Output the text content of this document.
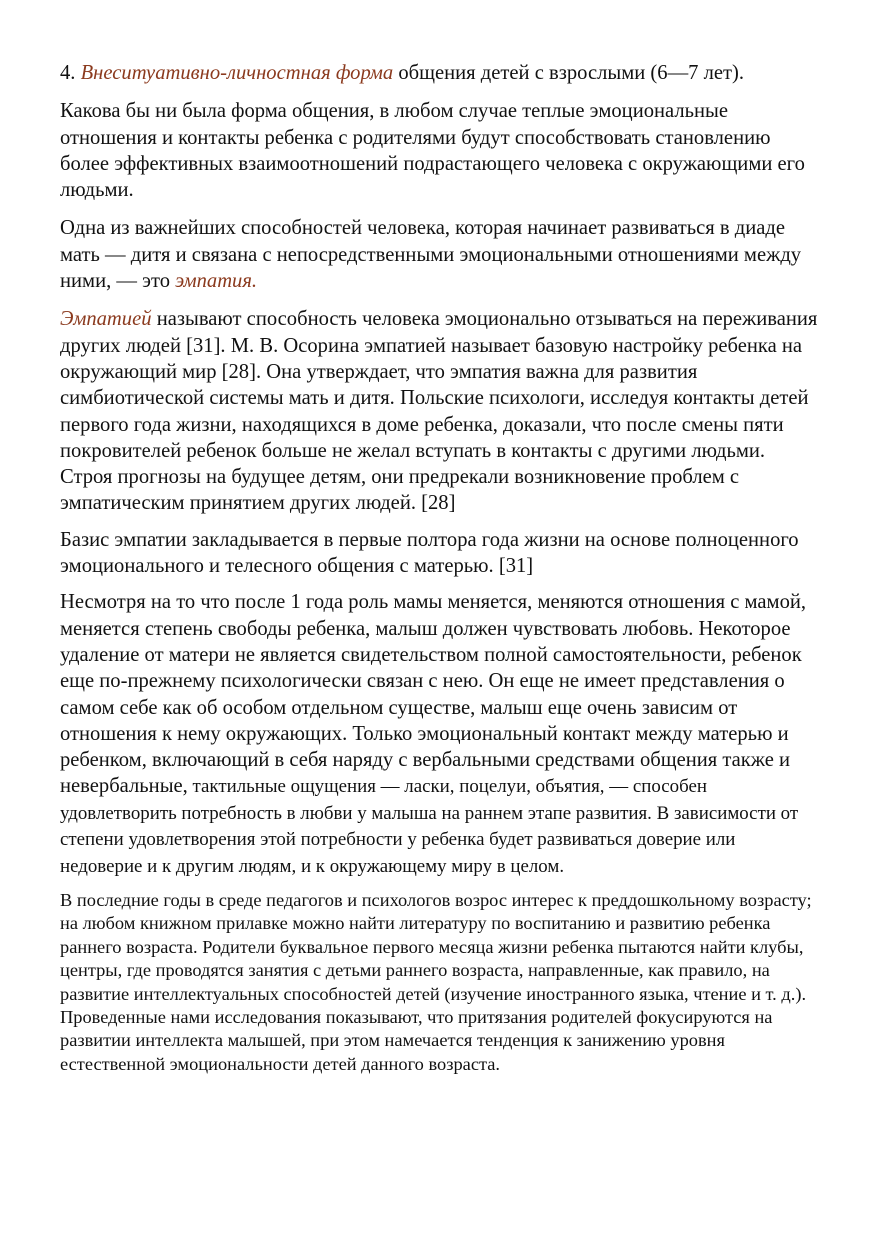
4. Внеситуативно-личностная форма общения детей с взрослыми (6—7 лет).

Какова бы ни была форма общения, в любом случае теплые эмоциональные отношения и контакты ребенка с родителями будут способствовать становлению более эффективных взаимоотношений подрастающего человека с окружающими его людьми.

Одна из важнейших способностей человека, которая начинает развиваться в диаде мать — дитя и связана с непосредственными эмоциональными отношениями между ними, — это эмпатия.

Эмпатией называют способность человека эмоционально отзываться на переживания других людей [31]. М. В. Осорина эмпатией называет базовую настройку ребенка на окружающий мир [28]. Она утверждает, что эмпатия важна для развития симбиотической системы мать и дитя. Польские психологи, исследуя контакты детей первого года жизни, находящихся в доме ребенка, доказали, что после смены пяти покровителей ребенок больше не желал вступать в контакты с другими людьми. Строя прогнозы на будущее детям, они предрекали возникновение проблем с эмпатическим принятием других людей. [28]

Базис эмпатии закладывается в первые полтора года жизни на основе полноценного эмоционального и телесного общения с матерью. [31]

Несмотря на то что после 1 года роль мамы меняется, меняются отношения с мамой, меняется степень свободы ребенка, малыш должен чувствовать любовь. Некоторое удаление от матери не является свидетельством полной самостоятельности, ребенок еще по-прежнему психологически связан с нею. Он еще не имеет представления о самом себе как об особом отдельном существе, малыш еще очень зависим от отношения к нему окружающих. Только эмоциональный контакт между матерью и ребенком, включающий в себя наряду с вербальными средствами общения также и невербальные, тактильные ощущения — ласки, поцелуи, объятия, — способен удовлетворить потребность в любви у малыша на раннем этапе развития. В зависимости от степени удовлетворения этой потребности у ребенка будет развиваться доверие или недоверие и к другим людям, и к окружающему миру в целом.

В последние годы в среде педагогов и психологов возрос интерес к преддошкольному возрасту; на любом книжном прилавке можно найти литературу по воспитанию и развитию ребенка раннего возраста. Родители буквальное первого месяца жизни ребенка пытаются найти клубы, центры, где проводятся занятия с детьми раннего возраста, направленные, как правило, на развитие интеллектуальных способностей детей (изучение иностранного языка, чтение и т. д.). Проведенные нами исследования показывают, что притязания родителей фокусируются на развитии интеллекта малышей, при этом намечается тенденция к занижению уровня естественной эмоциональности детей данного возраста.
